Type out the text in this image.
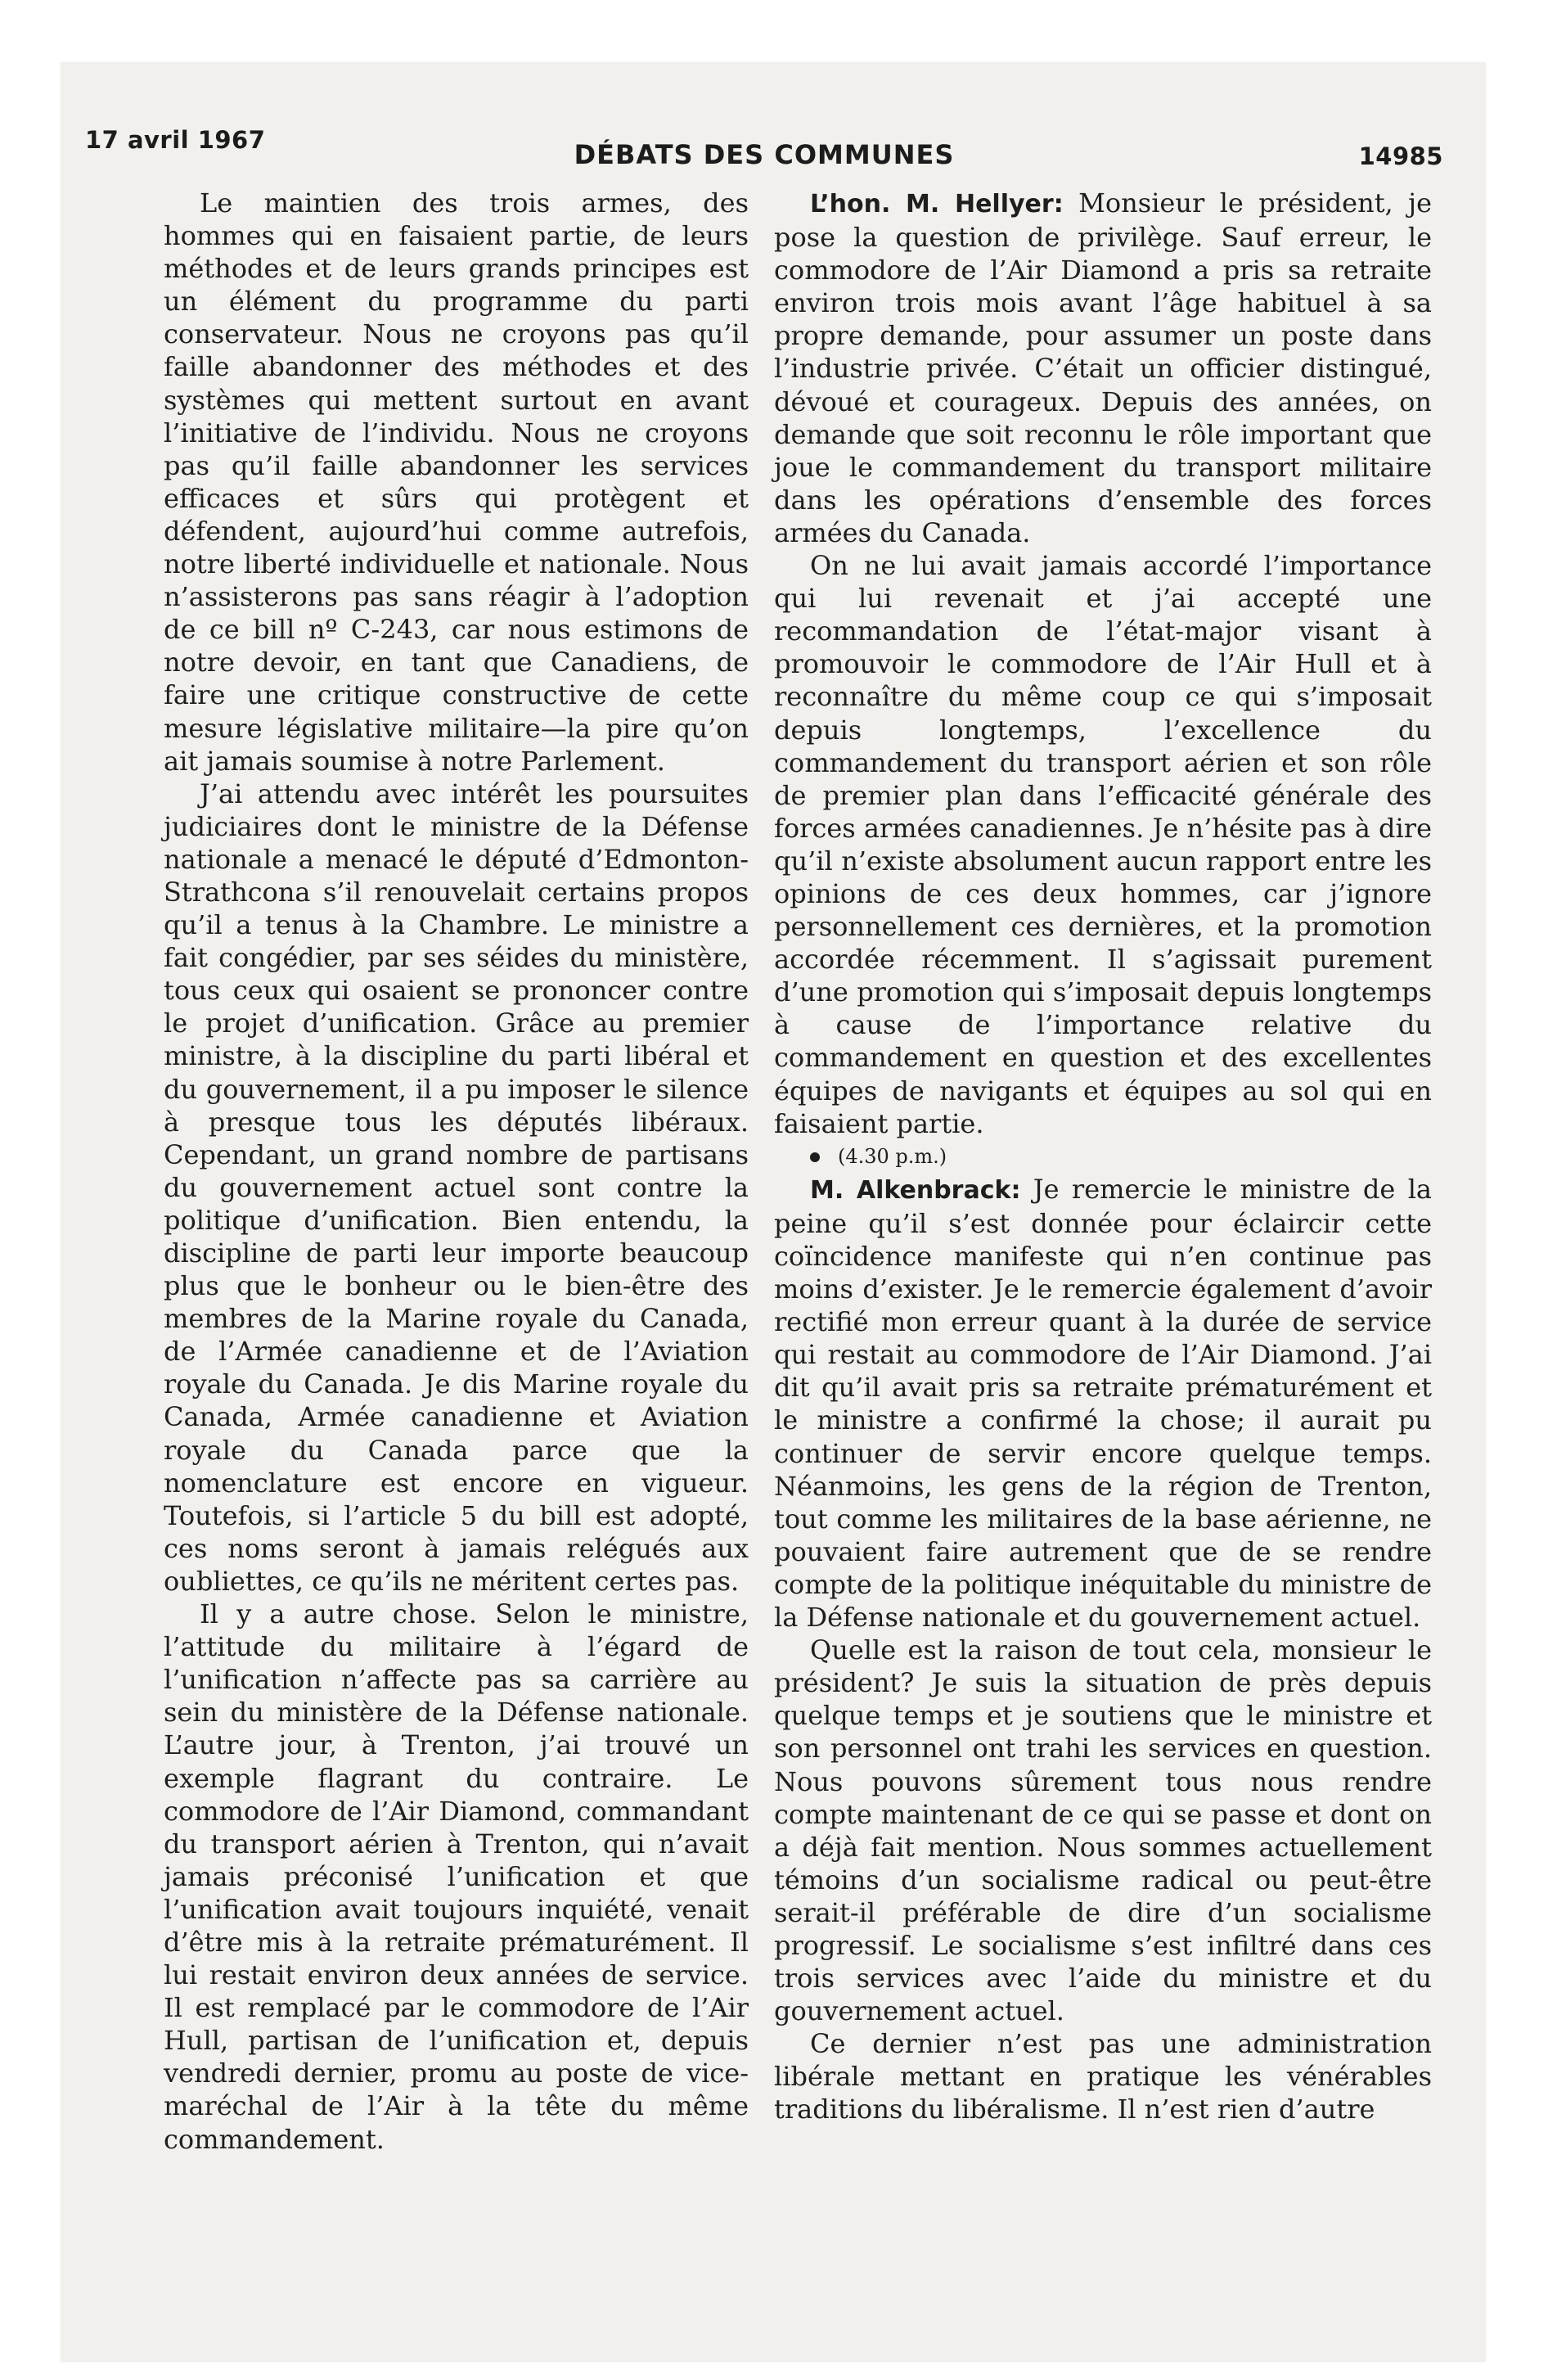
17 avril 1967	DÉBATS DES COMMUNES	14985

Le maintien des trois armes, des hommes qui en faisaient partie, de leurs méthodes et de leurs grands principes est un élément du programme du parti conservateur. Nous ne croyons pas qu’il faille abandonner des méthodes et des systèmes qui mettent surtout en avant l’initiative de l’individu. Nous ne croyons pas qu’il faille abandonner les services efficaces et sûrs qui protègent et défendent, aujourd’hui comme autrefois, notre liberté individuelle et nationale. Nous n’assisterons pas sans réagir à l’adoption de ce bill nº C-243, car nous estimons de notre devoir, en tant que Canadiens, de faire une critique constructive de cette mesure législative militaire—la pire qu’on ait jamais soumise à notre Parlement.

J’ai attendu avec intérêt les poursuites judiciaires dont le ministre de la Défense nationale a menacé le député d’Edmonton-Strathcona s’il renouvelait certains propos qu’il a tenus à la Chambre. Le ministre a fait congédier, par ses séides du ministère, tous ceux qui osaient se prononcer contre le projet d’unification. Grâce au premier ministre, à la discipline du parti libéral et du gouvernement, il a pu imposer le silence à presque tous les députés libéraux. Cependant, un grand nombre de partisans du gouvernement actuel sont contre la politique d’unification. Bien entendu, la discipline de parti leur importe beaucoup plus que le bonheur ou le bien-être des membres de la Marine royale du Canada, de l’Armée canadienne et de l’Aviation royale du Canada. Je dis Marine royale du Canada, Armée canadienne et Aviation royale du Canada parce que la nomenclature est encore en vigueur. Toutefois, si l’article 5 du bill est adopté, ces noms seront à jamais relégués aux oubliettes, ce qu’ils ne méritent certes pas.

Il y a autre chose. Selon le ministre, l’attitude du militaire à l’égard de l’unification n’affecte pas sa carrière au sein du ministère de la Défense nationale. L’autre jour, à Trenton, j’ai trouvé un exemple flagrant du contraire. Le commodore de l’Air Diamond, commandant du transport aérien à Trenton, qui n’avait jamais préconisé l’unification et que l’unification avait toujours inquiété, venait d’être mis à la retraite prématurément. Il lui restait environ deux années de service. Il est remplacé par le commodore de l’Air Hull, partisan de l’unification et, depuis vendredi dernier, promu au poste de vice-maréchal de l’Air à la tête du même commandement.

L’hon. M. Hellyer: Monsieur le président, je pose la question de privilège. Sauf erreur, le commodore de l’Air Diamond a pris sa retraite environ trois mois avant l’âge habituel à sa propre demande, pour assumer un poste dans l’industrie privée. C’était un officier distingué, dévoué et courageux. Depuis des années, on demande que soit reconnu le rôle important que joue le commandement du transport militaire dans les opérations d’ensemble des forces armées du Canada.

On ne lui avait jamais accordé l’importance qui lui revenait et j’ai accepté une recommandation de l’état-major visant à promouvoir le commodore de l’Air Hull et à reconnaître du même coup ce qui s’imposait depuis longtemps, l’excellence du commandement du transport aérien et son rôle de premier plan dans l’efficacité générale des forces armées canadiennes. Je n’hésite pas à dire qu’il n’existe absolument aucun rapport entre les opinions de ces deux hommes, car j’ignore personnellement ces dernières, et la promotion accordée récemment. Il s’agissait purement d’une promotion qui s’imposait depuis longtemps à cause de l’importance relative du commandement en question et des excellentes équipes de navigants et équipes au sol qui en faisaient partie.

(4.30 p.m.)

M. Alkenbrack: Je remercie le ministre de la peine qu’il s’est donnée pour éclaircir cette coïncidence manifeste qui n’en continue pas moins d’exister. Je le remercie également d’avoir rectifié mon erreur quant à la durée de service qui restait au commodore de l’Air Diamond. J’ai dit qu’il avait pris sa retraite prématurément et le ministre a confirmé la chose; il aurait pu continuer de servir encore quelque temps. Néanmoins, les gens de la région de Trenton, tout comme les militaires de la base aérienne, ne pouvaient faire autrement que de se rendre compte de la politique inéquitable du ministre de la Défense nationale et du gouvernement actuel.

Quelle est la raison de tout cela, monsieur le président? Je suis la situation de près depuis quelque temps et je soutiens que le ministre et son personnel ont trahi les services en question. Nous pouvons sûrement tous nous rendre compte maintenant de ce qui se passe et dont on a déjà fait mention. Nous sommes actuellement témoins d’un socialisme radical ou peut-être serait-il préférable de dire d’un socialisme progressif. Le socialisme s’est infiltré dans ces trois services avec l’aide du ministre et du gouvernement actuel.

Ce dernier n’est pas une administration libérale mettant en pratique les vénérables traditions du libéralisme. Il n’est rien d’autre
